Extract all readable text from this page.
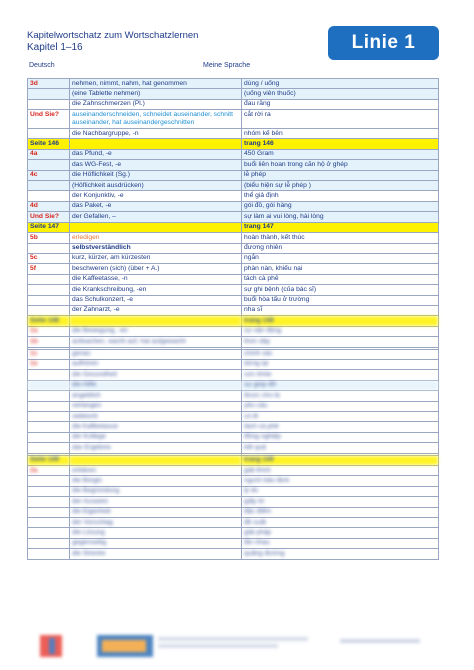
Kapitelwortschatz zum Wortschatzlernen
Kapitel 1–16	Linie 1
Deutsch	Meine Sprache
3d	nehmen, nimmt, nahm, hat genommen	dùng / uống
	(eine Tablette nehmen)	(uống viên thuốc)
	die Zahnschmerzen (Pl.)	đau răng
Und Sie?	auseinanderschneiden, schneidet auseinander, schnitt auseinander, hat auseinandergeschnitten	cắt rời ra
	die Nachbargruppe, -n	nhóm kế bên
Seite 146		trang 146
4a	das Pfund, -e	450 Gram
	das WG-Fest, -e	buổi liên hoan trong căn hộ ở ghép
4c	die Höflichkeit (Sg.)	lễ phép
	(Höflichkeit ausdrücken)	(biểu hiện sự lễ phép )
	der Konjunktiv, -e	thể giả định
4d	das Paket, -e	gói đồ, gói hàng
Und Sie?	der Gefallen, –	sự làm ai vui lòng, hài lòng
Seite 147		trang 147
5b	erledigen	hoàn thành, kết thúc
	selbstverständlich	đương nhiên
5c	kurz, kürzer, am kürzesten	ngắn
5f	beschweren (sich) (über + A.)	phàn nàn, khiếu nại
	die Kaffeetasse, -n	tách cà phê
	die Krankschreibung, -en	sự ghi bệnh (của bác sĩ)
	das Schulkonzert, -e	buổi hòa tấu ở trường
	der Zahnarzt, -e	nha sĩ
Seite 148		trang 148
1a	die Bewegung, -en	sự vận động
1b	aufwachen, wacht auf, hat aufgewacht	thức dậy

1c	genau	chính xác
1e	aufhören	dừng lại
	die Gesundheit	sức khỏe
	die Hilfe	sự giúp đỡ
	angeblich	được cho là
	verlangen	yêu cầu
	vielleicht	có lẽ
	die Kaffeetasse	tách cà phê
	der Kollege	đồng nghiệp
	das Ergebnis	kết quả

Seite 149		trang 149
2a	erklären	giải thích
	die Bürgin	người bảo lãnh
	die Begründung	lý do
	der Ausweis	giấy tờ
	die Eigenheit	đặc điểm
	der Vorschlag	đề xuất
	die Lösung	giải pháp
	gegenseitig	lẫn nhau
	die Strecke	quãng đường
